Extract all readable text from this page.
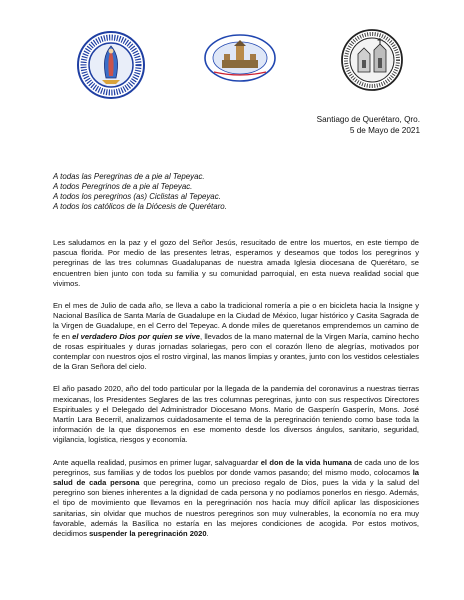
Santiago de Querétaro, Qro.
5 de Mayo de 2021
A todas las Peregrinas de a pie al Tepeyac.
A todos Peregrinos de a pie al Tepeyac.
A todos los peregrinos (as) Ciclistas al Tepeyac.
A todos los católicos de la Diócesis de Querétaro.

Les saludamos en la paz y el gozo del Señor Jesús, resucitado de entre los muertos, en este tiempo de pascua florida. Por medio de las presentes letras, esperamos y deseamos que todos los peregrinos y peregrinas de las tres columnas Guadalupanas de nuestra amada Iglesia diocesana de Querétaro, se encuentren bien junto con toda su familia y su comunidad parroquial, en esta nueva realidad social que vivimos.

En el mes de Julio de cada año, se lleva a cabo la tradicional romería a pie o en bicicleta hacia la Insigne y Nacional Basílica de Santa María de Guadalupe en la Ciudad de México, lugar histórico y Casita Sagrada de la Virgen de Guadalupe, en el Cerro del Tepeyac. A donde miles de queretanos emprendemos un camino de fe en el verdadero Dios por quien se vive, llevados de la mano maternal de la Virgen María, camino hecho de rosas espirituales y duras jornadas solariegas, pero con el corazón lleno de alegrías, motivados por contemplar con nuestros ojos el rostro virginal, las manos limpias y orantes, junto con los vestidos celestiales de la Gran Señora del cielo.

El año pasado 2020, año del todo particular por la llegada de la pandemia del coronavirus a nuestras tierras mexicanas, los Presidentes Seglares de las tres columnas peregrinas, junto con sus respectivos Directores Espirituales y el Delegado del Administrador Diocesano Mons. Mario de Gasperín Gasperín, Mons. José Martín Lara Becerril, analizamos cuidadosamente el tema de la peregrinación teniendo como base toda la información de la que disponemos en ese momento desde los diversos ángulos, sanitario, seguridad, vigilancia, logística, riesgos y economía.

Ante aquella realidad, pusimos en primer lugar, salvaguardar el don de la vida humana de cada uno de los peregrinos, sus familias y de todos los pueblos por donde vamos pasando; del mismo modo, colocamos la salud de cada persona que peregrina, como un precioso regalo de Dios, pues la vida y la salud del peregrino son bienes inherentes a la dignidad de cada persona y no podíamos ponerlos en riesgo. Además, el tipo de movimiento que llevamos en la peregrinación nos hacía muy difícil aplicar las disposiciones sanitarias, sin olvidar que muchos de nuestros peregrinos son muy vulnerables, la economía no era muy favorable, además la Basílica no estaría en las mejores condiciones de acogida. Por estos motivos, decidimos suspender la peregrinación 2020.
